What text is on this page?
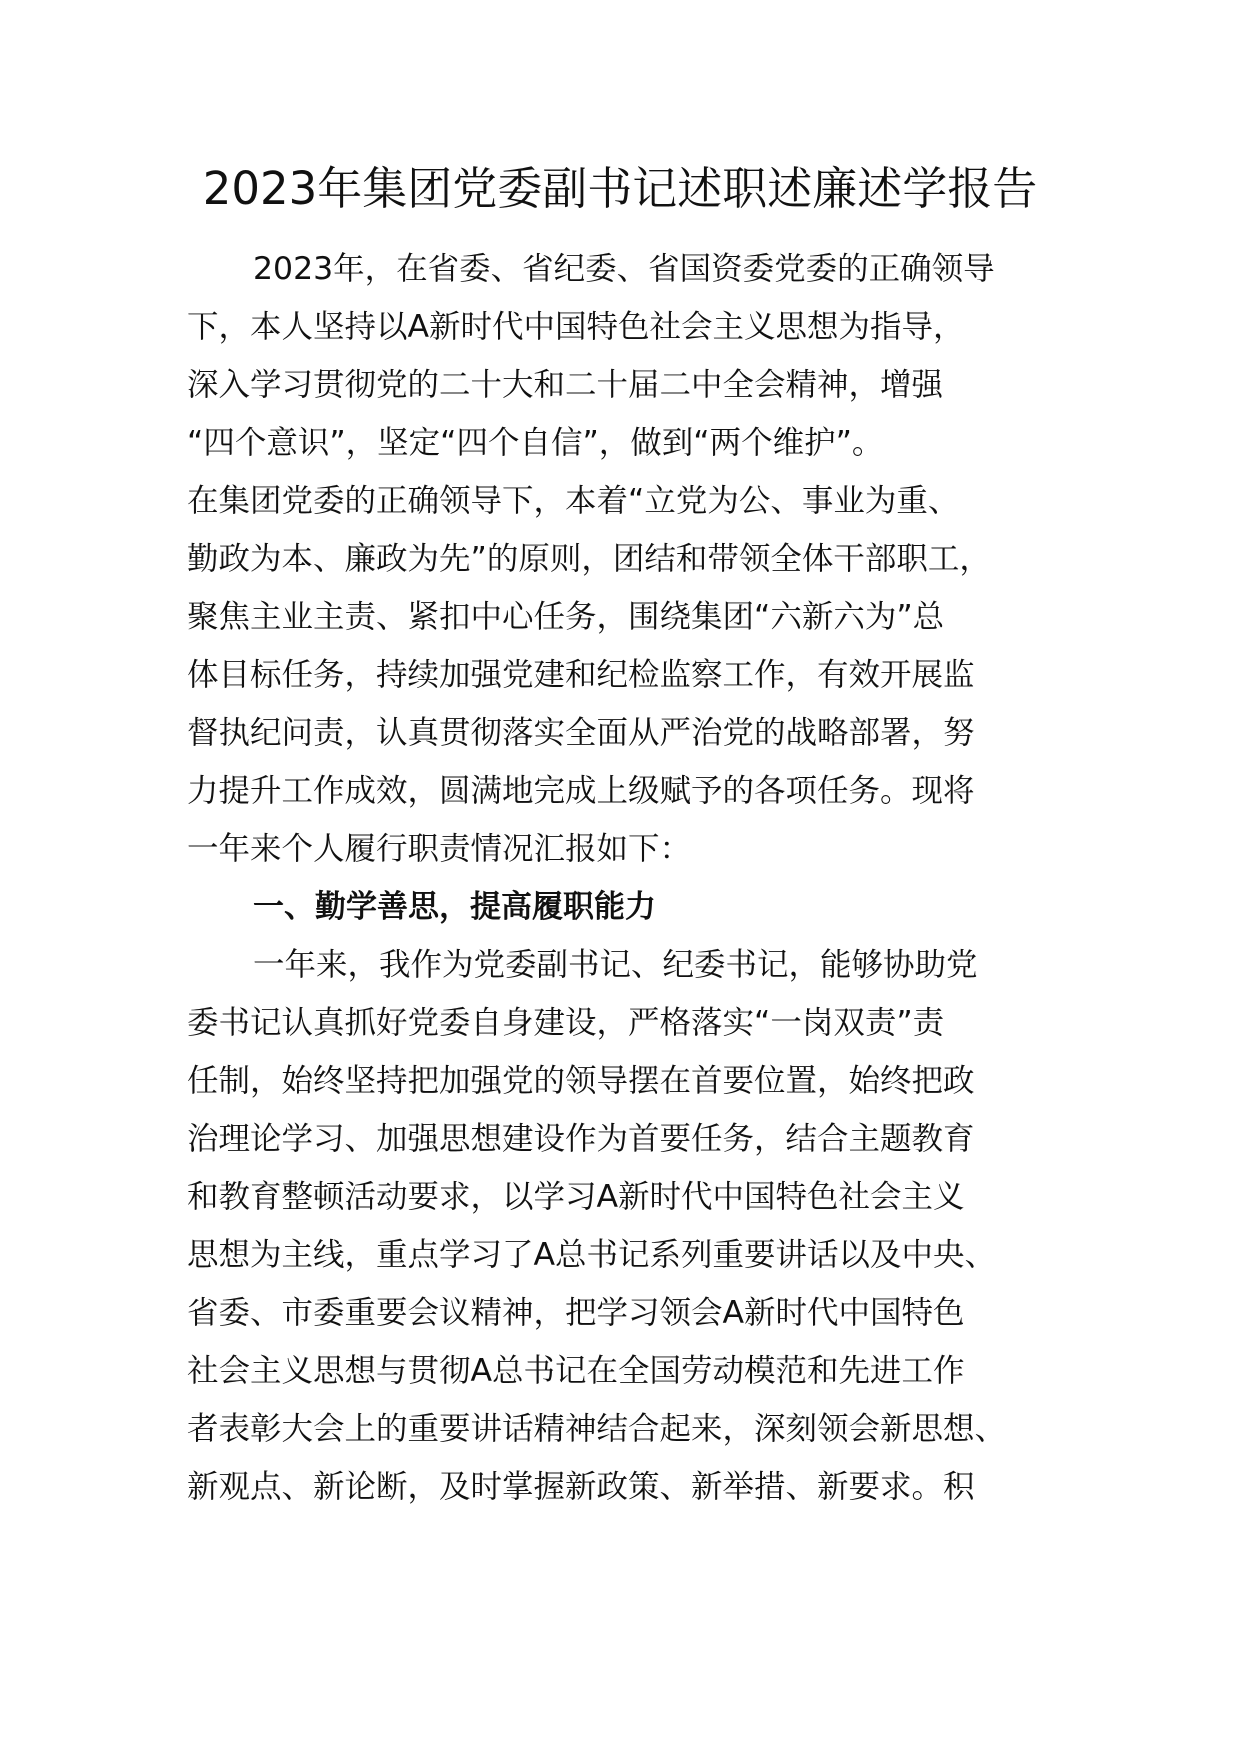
2023年集团党委副书记述职述廉述学报告
2023年，在省委、省纪委、省国资委党委的正确领导
下，本人坚持以A新时代中国特色社会主义思想为指导，
深入学习贯彻党的二十大和二十届二中全会精神，增强
“四个意识”，坚定“四个自信”，做到“两个维护”。
在集团党委的正确领导下，本着“立党为公、事业为重、
勤政为本、廉政为先”的原则，团结和带领全体干部职工，
聚焦主业主责、紧扣中心任务，围绕集团“六新六为”总
体目标任务，持续加强党建和纪检监察工作，有效开展监
督执纪问责，认真贯彻落实全面从严治党的战略部署，努
力提升工作成效，圆满地完成上级赋予的各项任务。现将
一年来个人履行职责情况汇报如下：
一、勤学善思，提高履职能力
一年来，我作为党委副书记、纪委书记，能够协助党
委书记认真抓好党委自身建设，严格落实“一岗双责”责
任制，始终坚持把加强党的领导摆在首要位置，始终把政
治理论学习、加强思想建设作为首要任务，结合主题教育
和教育整顿活动要求，以学习A新时代中国特色社会主义
思想为主线，重点学习了A总书记系列重要讲话以及中央、
省委、市委重要会议精神，把学习领会A新时代中国特色
社会主义思想与贯彻A总书记在全国劳动模范和先进工作
者表彰大会上的重要讲话精神结合起来，深刻领会新思想、
新观点、新论断，及时掌握新政策、新举措、新要求。积
